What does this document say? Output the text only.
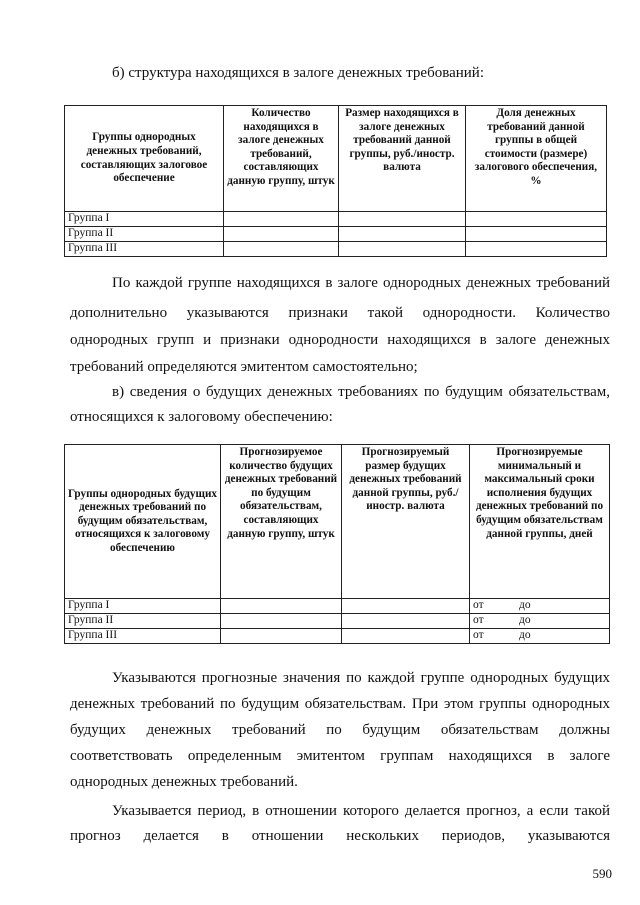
б) структура находящихся в залоге денежных требований:

Группы однородных денежных требований, составляющих залоговое обеспечение	Количество находящихся в залоге денежных требований, составляющих данную группу, штук	Размер находящихся в залоге денежных требований данной группы, руб./иностр. валюта	Доля денежных требований данной группы в общей стоимости (размере) залогового обеспечения, %
Группа I			
Группа II			
Группа III			

По каждой группе находящихся в залоге однородных денежных требований

дополнительно указываются признаки такой однородности. Количество

однородных групп и признаки однородности находящихся в залоге денежных

требований определяются эмитентом самостоятельно;

в) сведения о будущих денежных требованиях по будущим обязательствам,

относящихся к залоговому обеспечению:

Группы однородных будущих денежных требований по будущим обязательствам, относящихся к залоговому обеспечению	Прогнозируемое количество будущих денежных требований по будущим обязательствам, составляющих данную группу, штук	Прогнозируемый размер будущих денежных требований данной группы, руб./иностр. валюта	Прогнозируемые минимальный и максимальный сроки исполнения будущих денежных требований по будущим обязательствам данной группы, дней
Группа I			от до
Группа II			от до
Группа III			от до

Указываются прогнозные значения по каждой группе однородных будущих

денежных требований по будущим обязательствам. При этом группы однородных

будущих денежных требований по будущим обязательствам должны

соответствовать определенным эмитентом группам находящихся в залоге

однородных денежных требований.

Указывается период, в отношении которого делается прогноз, а если такой

прогноз делается в отношении нескольких периодов, указываются

590
